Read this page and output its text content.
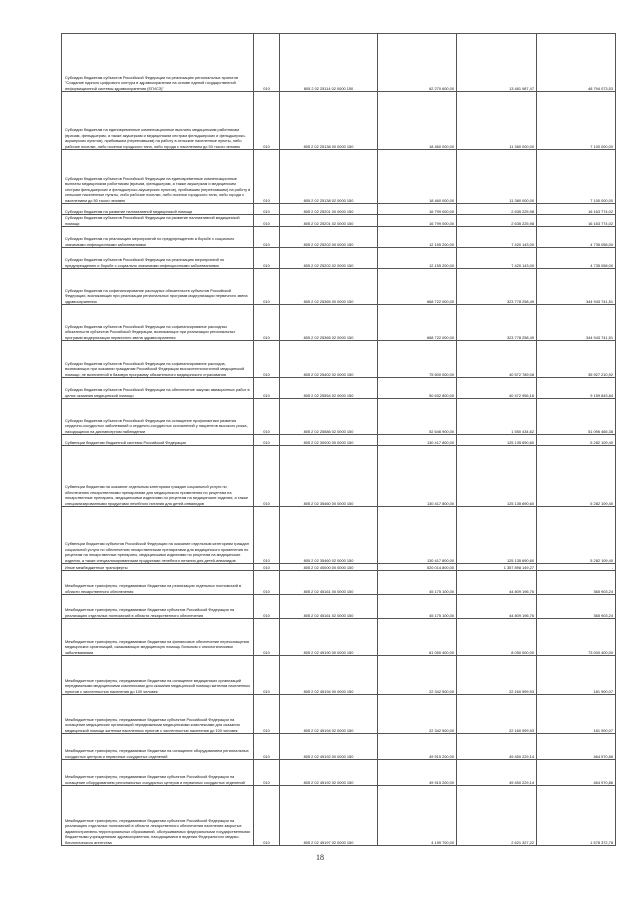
Субсидии бюджетам субъектов Российской Федерации на реализацию региональных проектов "Создание единого цифрового контура в здравоохранении на основе единой государственной информационной системы здравоохранения (ЕГИСЗ)"	010	805 2 02 25114 02 0000 150	62 270 600,00	13 481 987,47	48 794 073,53
Субсидии бюджетам на единовременные компенсационные выплаты медицинским работникам (врачам, фельдшерам, а также акушеркам и медицинским сестрам фельдшерских и фельдшерско-акушерских пунктов), прибывшим (переехавшим) на работу в сельские населенные пункты, либо рабочие поселки, либо поселки городского типа, либо города с населением до 50 тысяч человек	010	805 2 02 25138 00 0000 150	18 460 000,00	11 360 000,00	7 100 000,00
Субсидии бюджетам субъектов Российской Федерации на единовременные компенсационные выплаты медицинским работникам (врачам, фельдшерам, а также акушеркам и медицинским сестрам фельдшерских и фельдшерско-акушерских пунктов), прибывшим (переехавшим) на работу в сельские населенные пункты, либо рабочие поселки, либо поселки городского типа, либо города с населением до 50 тысяч человек	010	805 2 02 25138 02 0000 150	18 460 000,00	11 360 000,00	7 100 000,00
Субсидии бюджетам на развитие паллиативной медицинской помощи	010	805 2 02 25201 00 0000 150	16 799 000,00	2 635 225,98	16 163 774,02
Субсидии бюджетам субъектов Российской Федерации на развитие паллиативной медицинской помощи	010	805 2 02 25201 02 0000 150	16 799 000,00	2 635 225,98	16 163 774,02
Субсидии бюджетам на реализацию мероприятий по предупреждению и борьбе с социально значимыми инфекционными заболеваниями	010	805 2 02 25202 00 0000 150	12 155 200,00	7 420 143,00	4 735 058,00
Субсидии бюджетам субъектов Российской Федерации на реализацию мероприятий по предупреждению и борьбе с социально значимыми инфекционными заболеваниями	010	805 2 02 25202 02 0000 150	12 155 200,00	7 420 143,00	4 735 058,00
Субсидии бюджетам на софинансирование расходных обязательств субъектов Российской Федерации, возникающих при реализации региональных программ модернизации первичного звена здравоохранения	010	805 2 02 25365 00 0000 150	668 722 000,00	323 778 258,49	344 943 741,51
Субсидии бюджетам субъектов Российской Федерации на софинансирование расходных обязательств субъектов Российской Федерации, возникающих при реализации региональных программ модернизации первичного звена здравоохранения	010	805 2 02 25365 02 0000 150	668 722 000,00	323 778 258,49	344 943 741,51
Субсидии бюджетам субъектов Российской Федерации на софинансирование расходов, возникающих при оказании гражданам Российской Федерации высокотехнологичной медицинской помощи, не включенной в базовую программу обязательного медицинского страхования	010	805 2 02 25402 02 0000 150	75 500 000,00	40 572 789,08	35 927 210,92
Субсидии бюджетам субъектов Российской Федерации на обеспечение закупки авиационных работ в целях оказания медицинской помощи	010	805 2 02 25554 02 0000 150	50 632 800,00	40 472 956,16	9 159 843,84
Субсидии бюджетам субъектов Российской Федерации на оснащение профилактики развития сердечно-сосудистых заболеваний и сердечно-сосудистых осложнений у пациентов высокого риска, находящихся на диспансерном наблюдении	010	805 2 02 25586 02 0000 150	52 646 900,00	1 550 434,62	51 096 465,38
Субвенции бюджетам бюджетной системы Российской Федерации	010	805 2 02 30000 00 0000 150	130 417 800,00	125 135 690,60	5 282 109,40
Субвенции бюджетам на оказание отдельным категориям граждан социальной услуги по обеспечению лекарственными препаратами для медицинского применения по рецептам на лекарственные препараты, медицинскими изделиями по рецептам на медицинские изделия, а также специализированными продуктами лечебного питания для детей-инвалидов	010	805 2 02 35460 00 0000 150	130 417 800,00	125 135 690,60	5 282 109,40
Субвенции бюджетам субъектов Российской Федерации на оказание отдельным категориям граждан социальной услуги по обеспечению лекарственными препаратами для медицинского применения по рецептам на лекарственные препараты, медицинскими изделиями по рецептам на медицинские изделия, а также специализированными продуктами лечебного питания для детей-инвалидов	010	805 2 02 35460 02 0000 150	130 417 800,00	125 135 690,60	5 282 109,40
Иные межбюджетные трансферты	010	805 2 02 40000 00 0000 150	520 014 800,00	1 357 898 149,27	-
Межбюджетные трансферты, передаваемые бюджетам на реализацию отдельных полномочий в области лекарственного обеспечения	010	805 2 02 45161 00 0000 150	45 175 100,00	44 809 196,76	365 903,24
Межбюджетные трансферты, передаваемые бюджетам субъектов Российской Федерации на реализацию отдельных полномочий в области лекарственного обеспечения	010	805 2 02 45161 02 0000 150	45 175 100,00	44 809 196,76	365 903,24
Межбюджетные трансферты, передаваемые бюджетам на финансовое обеспечение переоснащения медицинских организаций, оказывающих медицинскую помощь больным с онкологическими заболеваниями	010	805 2 02 45190 00 0000 150	81 050 400,00	8 050 000,00	73 000 400,00
Межбюджетные трансферты, передаваемые бюджетам на оснащение медицинских организаций передвижными медицинскими комплексами для оказания медицинской помощи жителям населенных пунктов с численностью населения до 100 человек	010	805 2 02 45194 00 0000 150	22 342 500,00	22 160 599,93	181 900,07
Межбюджетные трансферты, передаваемые бюджетам субъектов Российской Федерации на оснащение медицинских организаций передвижными медицинскими комплексами для оказания медицинской помощи жителям населенных пунктов с численностью населения до 100 человек	010	805 2 02 45194 02 0000 150	22 342 500,00	22 160 599,93	181 900,07
Межбюджетные трансферты, передаваемые бюджетам на оснащение оборудованием региональных сосудистых центров и первичных сосудистых отделений	010	805 2 02 45192 00 0000 150	49 915 200,00	49 450 229,14	464 970,86
Межбюджетные трансферты, передаваемые бюджетам субъектов Российской Федерации на оснащение оборудованием региональных сосудистых центров и первичных сосудистых отделений	010	805 2 02 45192 02 0000 150	49 915 200,00	49 450 229,14	464 970,86
Межбюджетные трансферты, передаваемые бюджетам субъектов Российской Федерации на реализацию отдельных полномочий в области лекарственного обеспечения населения закрытых административно-территориальных образований, обслуживаемых федеральными государственными бюджетными учреждениями здравоохранения, находящимися в ведении Федерального медико-биологического агентства	010	805 2 02 45197 02 0000 150	4 199 700,00	2 621 327,22	1 578 372,78
18
